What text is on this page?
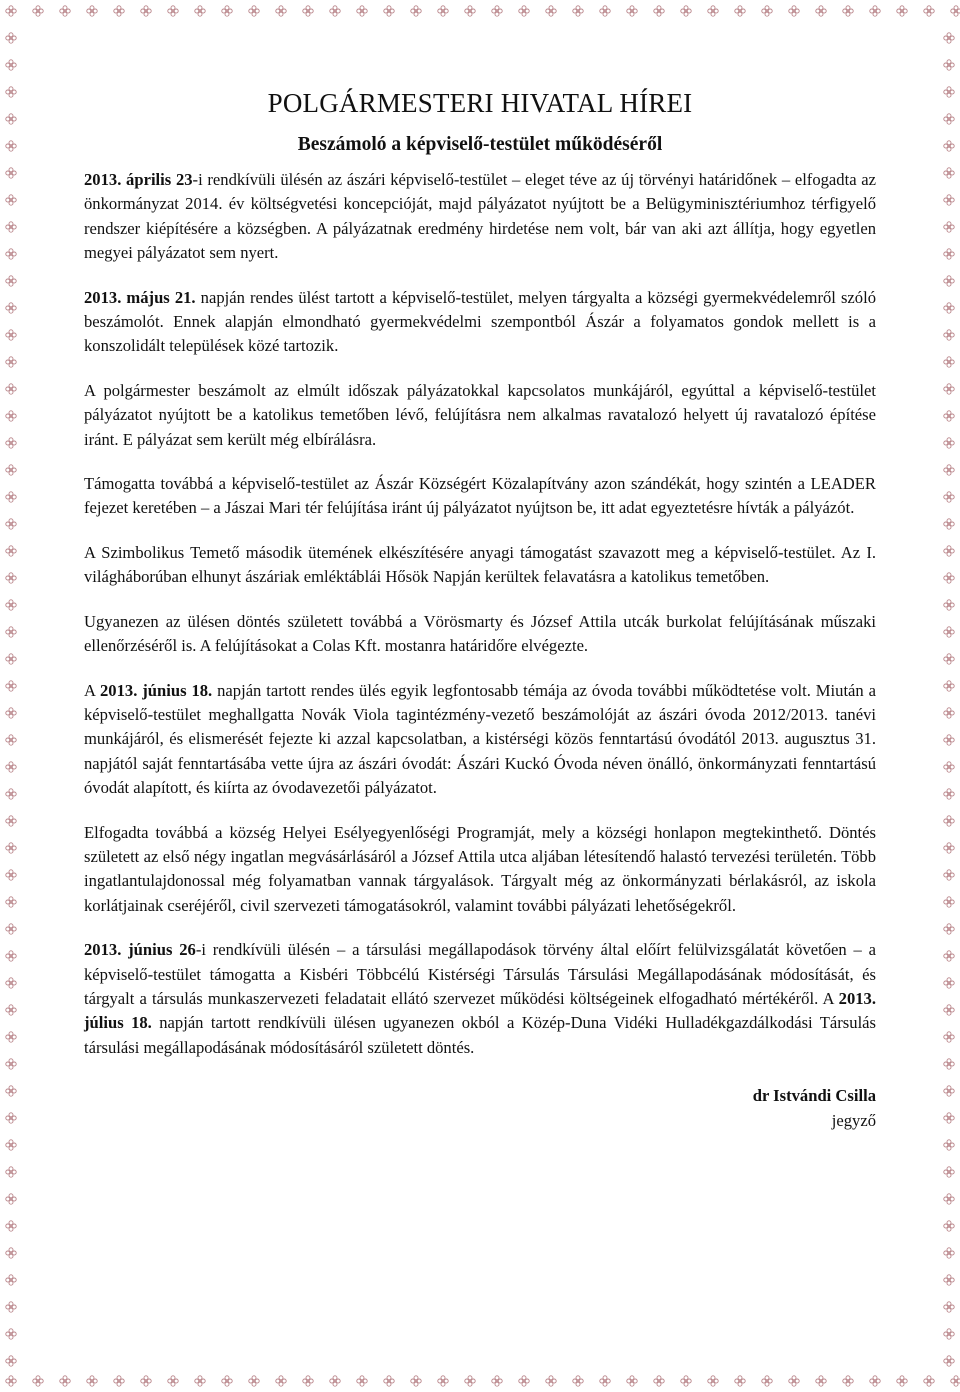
POLGÁRMESTERI HIVATAL HÍREI
Beszámoló a képviselő-testület működéséről

2013. április 23-i rendkívüli ülésén az ászári képviselő-testület – eleget téve az új törvényi határidőnek – elfogadta az önkormányzat 2014. év költségvetési koncepcióját, majd pályázatot nyújtott be a Belügyminisztériumhoz térfigyelő rendszer kiépítésére a községben. A pályázatnak eredmény hirdetése nem volt, bár van aki azt állítja, hogy egyetlen megyei pályázatot sem nyert.

2013. május 21. napján rendes ülést tartott a képviselő-testület, melyen tárgyalta a községi gyermekvédelemről szóló beszámolót. Ennek alapján elmondható gyermekvédelmi szempontból Ászár a folyamatos gondok mellett is a konszolidált települések közé tartozik.

A polgármester beszámolt az elmúlt időszak pályázatokkal kapcsolatos munkájáról, egyúttal a képviselő-testület pályázatot nyújtott be a katolikus temetőben lévő, felújításra nem alkalmas ravatalozó helyett új ravatalozó építése iránt. E pályázat sem került még elbírálásra.

Támogatta továbbá a képviselő-testület az Ászár Községért Közalapítvány azon szándékát, hogy szintén a LEADER fejezet keretében – a Jászai Mari tér felújítása iránt új pályázatot nyújtson be, itt adat egyeztetésre hívták a pályázót.

A Szimbolikus Temető második ütemének elkészítésére anyagi támogatást szavazott meg a képviselő-testület. Az I. világháborúban elhunyt ászáriak emléktáblái Hősök Napján kerültek felavatásra a katolikus temetőben.

Ugyanezen az ülésen döntés született továbbá a Vörösmarty és József Attila utcák burkolat felújításának műszaki ellenőrzéséről is. A felújításokat a Colas Kft. mostanra határidőre elvégezte.

A 2013. június 18. napján tartott rendes ülés egyik legfontosabb témája az óvoda további működtetése volt. Miután a képviselő-testület meghallgatta Novák Viola tagintézmény-vezető beszámolóját az ászári óvoda 2012/2013. tanévi munkájáról, és elismerését fejezte ki azzal kapcsolatban, a kistérségi közös fenntartású óvodától 2013. augusztus 31. napjától saját fenntartásába vette újra az ászári óvodát: Ászári Kuckó Óvoda néven önálló, önkormányzati fenntartású óvodát alapított, és kiírta az óvodavezetői pályázatot.

Elfogadta továbbá a község Helyei Esélyegyenlőségi Programját, mely a községi honlapon megtekinthető. Döntés született az első négy ingatlan megvásárlásáról a József Attila utca aljában létesítendő halastó tervezési területén. Több ingatlantulajdonossal még folyamatban vannak tárgyalások. Tárgyalt még az önkormányzati bérlakásról, az iskola korlátjainak cseréjéről, civil szervezeti támogatásokról, valamint további pályázati lehetőségekről.

2013. június 26-i rendkívüli ülésén – a társulási megállapodások törvény által előírt felülvizsgálatát követően – a képviselő-testület támogatta a Kisbéri Többcélú Kistérségi Társulás Társulási Megállapodásának módosítását, és tárgyalt a társulás munkaszervezeti feladatait ellátó szervezet működési költségeinek elfogadható mértékéről. A 2013. július 18. napján tartott rendkívüli ülésen ugyanezen okból a Közép-Duna Vidéki Hulladékgazdálkodási Társulás társulási megállapodásának módosításáról született döntés.

dr Istvándi Csilla
jegyző
